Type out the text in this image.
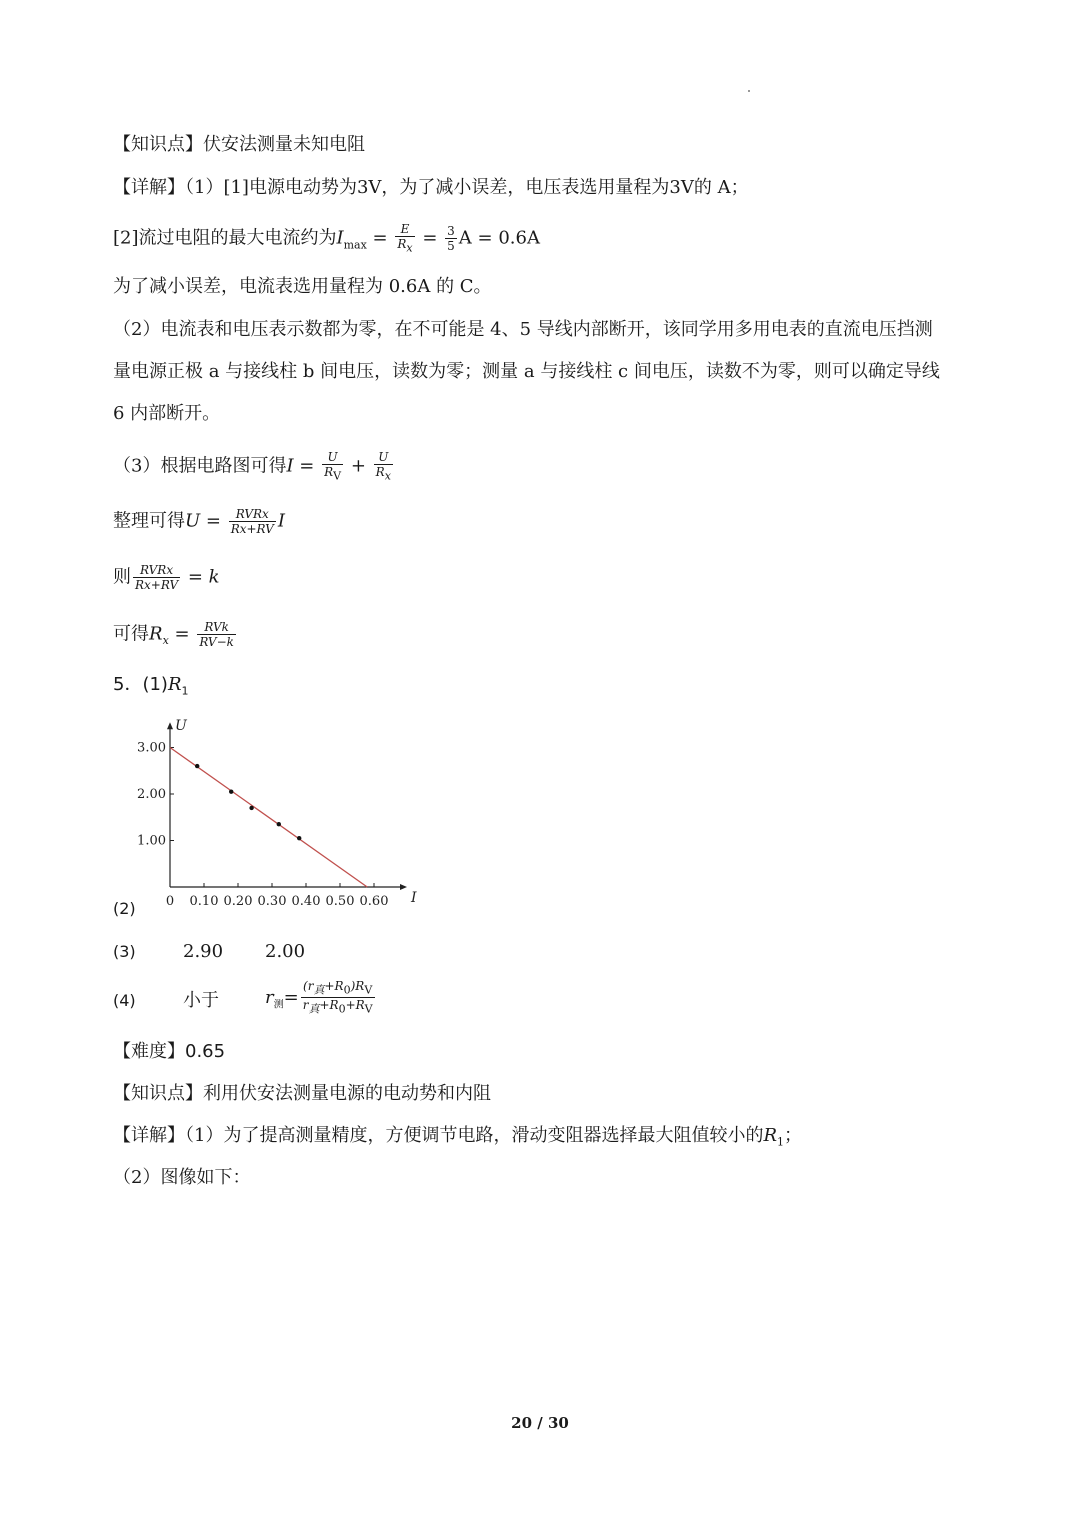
【知识点】伏安法测量未知电阻
【详解】（1）[1]电源电动势为3V，为了减小误差，电压表选用量程为3V的 A；
[2]流过电阻的最大电流约为$I_{max} = \frac{E}{R_x} = \frac{3}{5}$ A = 0.6A
为了减小误差，电流表选用量程为 0.6A 的 C。
（2）电流表和电压表示数都为零，在不可能是 4、5 导线内部断开，该同学用多用电表的直流电压挡测
量电源正极 a 与接线柱 b 间电压，读数为零；测量 a 与接线柱 c 间电压，读数不为零，则可以确定导线
6 内部断开。
（3）根据电路图可得$I = \frac{U}{R_V} + \frac{U}{R_x}$
整理可得U = RVRx
Rx+RV I
则 RVRx
Rx+RV = k
可得$R_x$ = RVk
RV−k
5．$(1)R_1$
I
U
0 0.10 0.20 0.30 0.40 0.50 0.60
1.00
2.00
3.00
(2)
(3)	2.90 2.00
(4)	小于	$r_测=$
$(r_真+R_0)R_V$
$r_真+R_0+R_V$
【难度】0.65
【知识点】利用伏安法测量电源的电动势和内阻
【详解】（1）为了提高测量精度，方便调节电路，滑动变阻器选择最大阻值较小的$R_1$；
（2）图像如下：
20 / 30
